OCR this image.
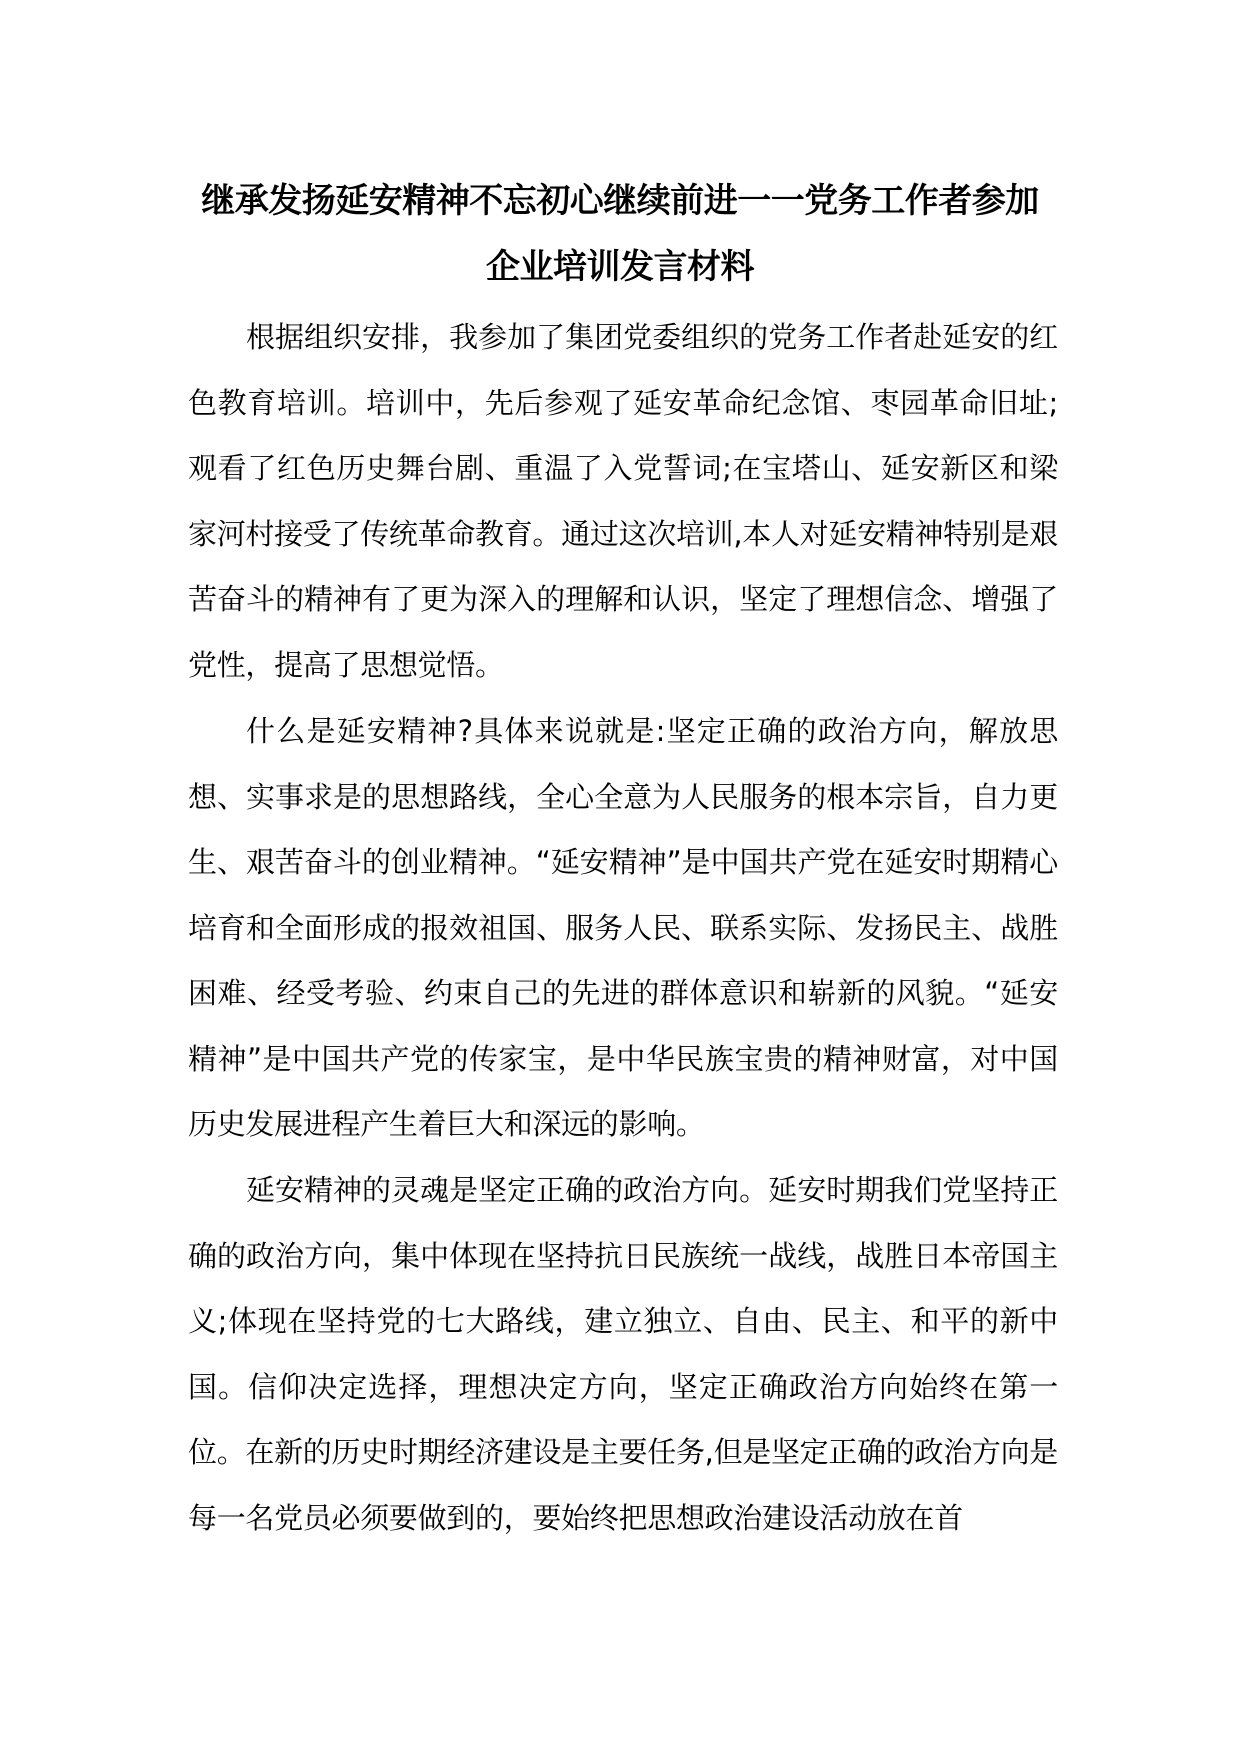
继承发扬延安精神不忘初心继续前进一一党务工作者参加企业培训发言材料

根据组织安排，我参加了集团党委组织的党务工作者赴延安的红色教育培训。培训中，先后参观了延安革命纪念馆、枣园革命旧址;观看了红色历史舞台剧、重温了入党誓词;在宝塔山、延安新区和梁家河村接受了传统革命教育。通过这次培训,本人对延安精神特别是艰苦奋斗的精神有了更为深入的理解和认识，坚定了理想信念、增强了党性，提高了思想觉悟。

什么是延安精神?具体来说就是:坚定正确的政治方向，解放思想、实事求是的思想路线，全心全意为人民服务的根本宗旨，自力更生、艰苦奋斗的创业精神。“延安精神”是中国共产党在延安时期精心培育和全面形成的报效祖国、服务人民、联系实际、发扬民主、战胜困难、经受考验、约束自己的先进的群体意识和崭新的风貌。“延安精神”是中国共产党的传家宝，是中华民族宝贵的精神财富，对中国历史发展进程产生着巨大和深远的影响。

延安精神的灵魂是坚定正确的政治方向。延安时期我们党坚持正确的政治方向，集中体现在坚持抗日民族统一战线，战胜日本帝国主义;体现在坚持党的七大路线，建立独立、自由、民主、和平的新中国。信仰决定选择，理想决定方向，坚定正确政治方向始终在第一位。在新的历史时期经济建设是主要任务,但是坚定正确的政治方向是每一名党员必须要做到的，要始终把思想政治建设活动放在首
